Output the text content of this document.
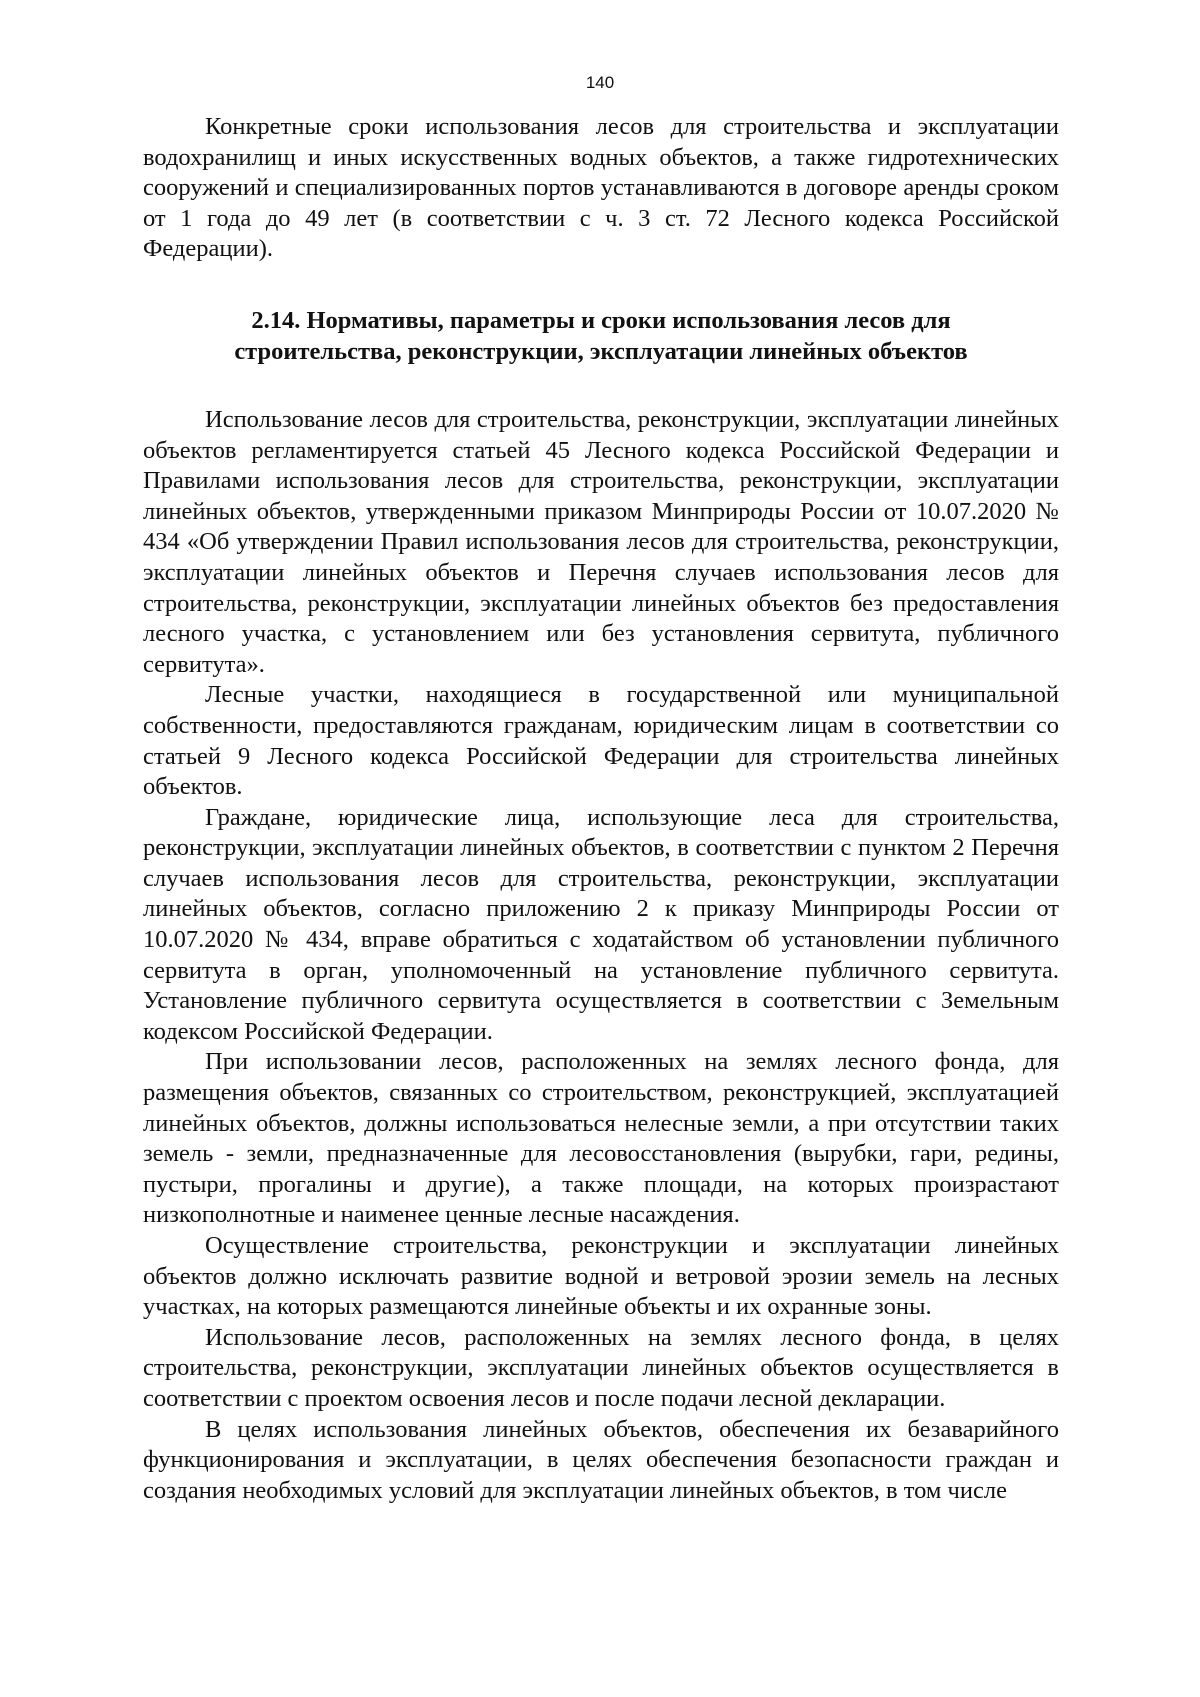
140

Конкретные сроки использования лесов для строительства и эксплуатации водохранилищ и иных искусственных водных объектов, а также гидротехнических сооружений и специализированных портов устанавливаются в договоре аренды сроком от 1 года до 49 лет (в соответствии с ч. 3 ст. 72 Лесного кодекса Российской Федерации).

2.14. Нормативы, параметры и сроки использования лесов для
строительства, реконструкции, эксплуатации линейных объектов

Использование лесов для строительства, реконструкции, эксплуатации линейных объектов регламентируется статьей 45 Лесного кодекса Российской Федерации и Правилами использования лесов для строительства, реконструкции, эксплуатации линейных объектов, утвержденными приказом Минприроды России от 10.07.2020 № 434 «Об утверждении Правил использования лесов для строительства, реконструкции, эксплуатации линейных объектов и Перечня случаев использования лесов для строительства, реконструкции, эксплуатации линейных объектов без предоставления лесного участка, с установлением или без установления сервитута, публичного сервитута».

Лесные участки, находящиеся в государственной или муниципальной собственности, предоставляются гражданам, юридическим лицам в соответствии со статьей 9 Лесного кодекса Российской Федерации для строительства линейных объектов.

Граждане, юридические лица, использующие леса для строительства, реконструкции, эксплуатации линейных объектов, в соответствии с пунктом 2 Перечня случаев использования лесов для строительства, реконструкции, эксплуатации линейных объектов, согласно приложению 2 к приказу Минприроды России от 10.07.2020 № 434, вправе обратиться с ходатайством об установлении публичного сервитута в орган, уполномоченный на установление публичного сервитута. Установление публичного сервитута осуществляется в соответствии с Земельным кодексом Российской Федерации.

При использовании лесов, расположенных на землях лесного фонда, для размещения объектов, связанных со строительством, реконструкцией, эксплуатацией линейных объектов, должны использоваться нелесные земли, а при отсутствии таких земель - земли, предназначенные для лесовосстановления (вырубки, гари, редины, пустыри, прогалины и другие), а также площади, на которых произрастают низкополнотные и наименее ценные лесные насаждения.

Осуществление строительства, реконструкции и эксплуатации линейных объектов должно исключать развитие водной и ветровой эрозии земель на лесных участках, на которых размещаются линейные объекты и их охранные зоны.

Использование лесов, расположенных на землях лесного фонда, в целях строительства, реконструкции, эксплуатации линейных объектов осуществляется в соответствии с проектом освоения лесов и после подачи лесной декларации.

В целях использования линейных объектов, обеспечения их безаварийного функционирования и эксплуатации, в целях обеспечения безопасности граждан и создания необходимых условий для эксплуатации линейных объектов, в том числе
